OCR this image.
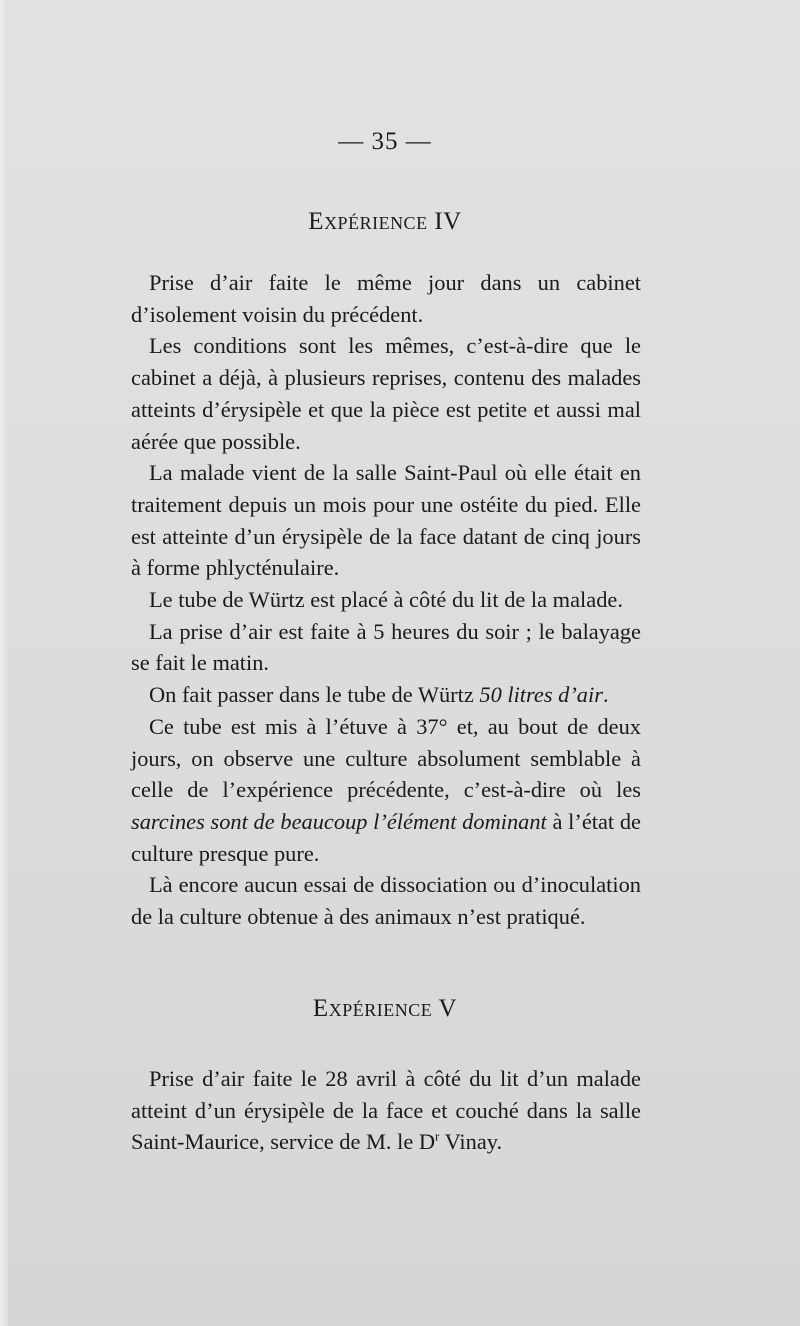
— 35 —
EXPÉRIENCE IV

Prise d’air faite le même jour dans un cabinet d’isolement voisin du précédent.

Les conditions sont les mêmes, c’est-à-dire que le cabinet a déjà, à plusieurs reprises, contenu des malades atteints d’érysipèle et que la pièce est petite et aussi mal aérée que possible.

La malade vient de la salle Saint-Paul où elle était en traitement depuis un mois pour une ostéite du pied. Elle est atteinte d’un érysipèle de la face datant de cinq jours à forme phlycténulaire.

Le tube de Würtz est placé à côté du lit de la malade.

La prise d’air est faite à 5 heures du soir ; le balayage se fait le matin.

On fait passer dans le tube de Würtz 50 litres d’air.

Ce tube est mis à l’étuve à 37° et, au bout de deux jours, on observe une culture absolument semblable à celle de l’expérience précédente, c’est-à-dire où les sarcines sont de beaucoup l’élément dominant à l’état de culture presque pure.

Là encore aucun essai de dissociation ou d’inoculation de la culture obtenue à des animaux n’est pratiqué.

EXPÉRIENCE V

Prise d’air faite le 28 avril à côté du lit d’un malade atteint d’un érysipèle de la face et couché dans la salle Saint-Maurice, service de M. le $D^r$ Vinay.
